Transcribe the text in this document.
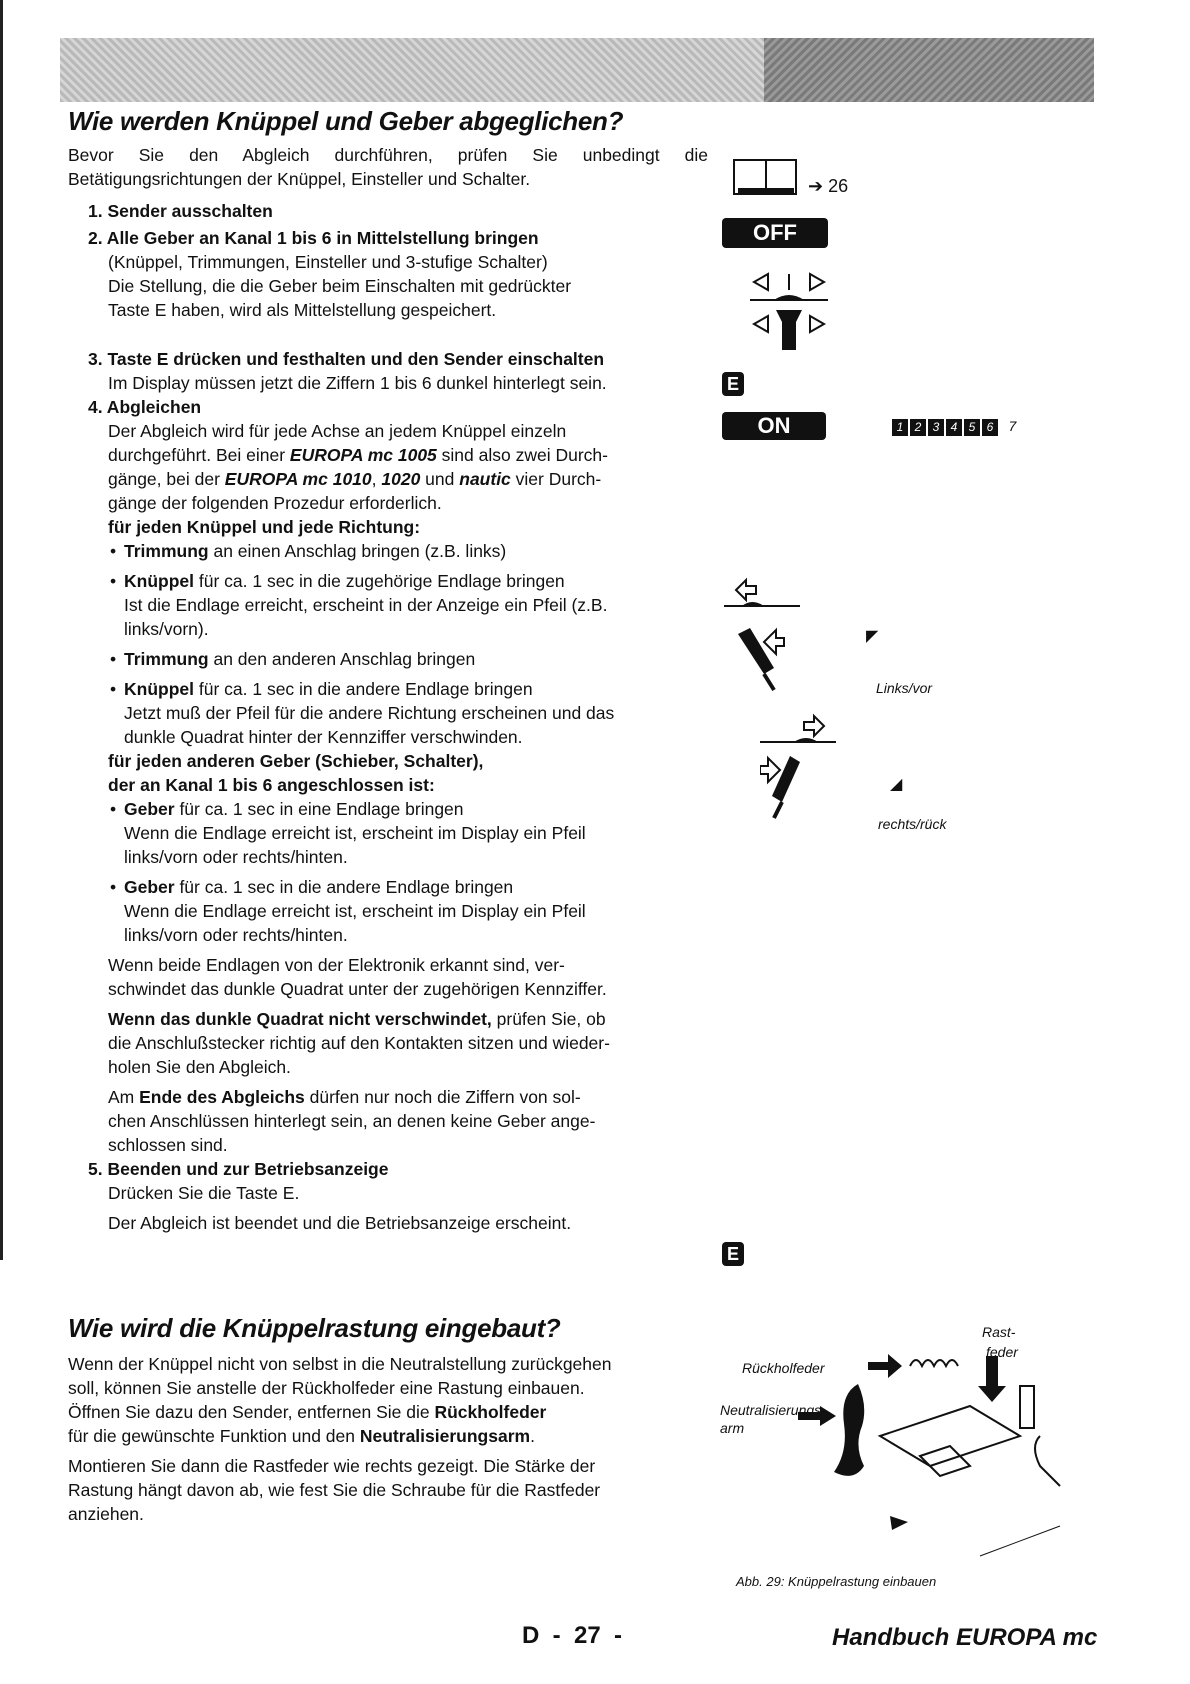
Wie werden Knüppel und Geber abgeglichen?
Bevor Sie den Abgleich durchführen, prüfen Sie unbedingt die Betätigungsrichtungen der Knüppel, Einsteller und Schalter.
1. Sender ausschalten
2. Alle Geber an Kanal 1 bis 6 in Mittelstellung bringen
(Knüppel, Trimmungen, Einsteller und 3-stufige Schalter)
Die Stellung, die die Geber beim Einschalten mit gedrückter
Taste E haben, wird als Mittelstellung gespeichert.
3. Taste E drücken und festhalten und den Sender einschalten
Im Display müssen jetzt die Ziffern 1 bis 6 dunkel hinterlegt sein.
4. Abgleichen
Der Abgleich wird für jede Achse an jedem Knüppel einzeln
durchgeführt. Bei einer EUROPA mc 1005 sind also zwei Durch-
gänge, bei der EUROPA mc 1010, 1020 und nautic vier Durch-
gänge der folgenden Prozedur erforderlich.
für jeden Knüppel und jede Richtung:
• Trimmung an einen Anschlag bringen (z.B. links)
• Knüppel für ca. 1 sec in die zugehörige Endlage bringen
Ist die Endlage erreicht, erscheint in der Anzeige ein Pfeil (z.B.
links/vorn).
• Trimmung an den anderen Anschlag bringen
• Knüppel für ca. 1 sec in die andere Endlage bringen
Jetzt muß der Pfeil für die andere Richtung erscheinen und das
dunkle Quadrat hinter der Kennziffer verschwinden.
für jeden anderen Geber (Schieber, Schalter),
der an Kanal 1 bis 6 angeschlossen ist:
• Geber für ca. 1 sec in eine Endlage bringen
Wenn die Endlage erreicht ist, erscheint im Display ein Pfeil
links/vorn oder rechts/hinten.
• Geber für ca. 1 sec in die andere Endlage bringen
Wenn die Endlage erreicht ist, erscheint im Display ein Pfeil
links/vorn oder rechts/hinten.
Wenn beide Endlagen von der Elektronik erkannt sind, ver-
schwindet das dunkle Quadrat unter der zugehörigen Kennziffer.
Wenn das dunkle Quadrat nicht verschwindet, prüfen Sie, ob
die Anschlußstecker richtig auf den Kontakten sitzen und wieder-
holen Sie den Abgleich.
Am Ende des Abgleichs dürfen nur noch die Ziffern von sol-
chen Anschlüssen hinterlegt sein, an denen keine Geber ange-
schlossen sind.
5. Beenden und zur Betriebsanzeige
Drücken Sie die Taste E.
Der Abgleich ist beendet und die Betriebsanzeige erscheint.
Wie wird die Knüppelrastung eingebaut?
Wenn der Knüppel nicht von selbst in die Neutralstellung zurückgehen
soll, können Sie anstelle der Rückholfeder eine Rastung einbauen.
Öffnen Sie dazu den Sender, entfernen Sie die Rückholfeder
für die gewünschte Funktion und den Neutralisierungsarm.
Montieren Sie dann die Rastfeder wie rechts gezeigt. Die Stärke der
Rastung hängt davon ab, wie fest Sie die Schraube für die Rastfeder
anziehen.
➔ 26
OFF
E
ON	1 2 3 4 5 6 7
◤
Links/vor
◢
rechts/rück
E
Rückholfeder
Rast-
feder
Neutralisierungs-
arm
Abb. 29: Knüppelrastung einbauen
D  -  27  -	Handbuch EUROPA mc
